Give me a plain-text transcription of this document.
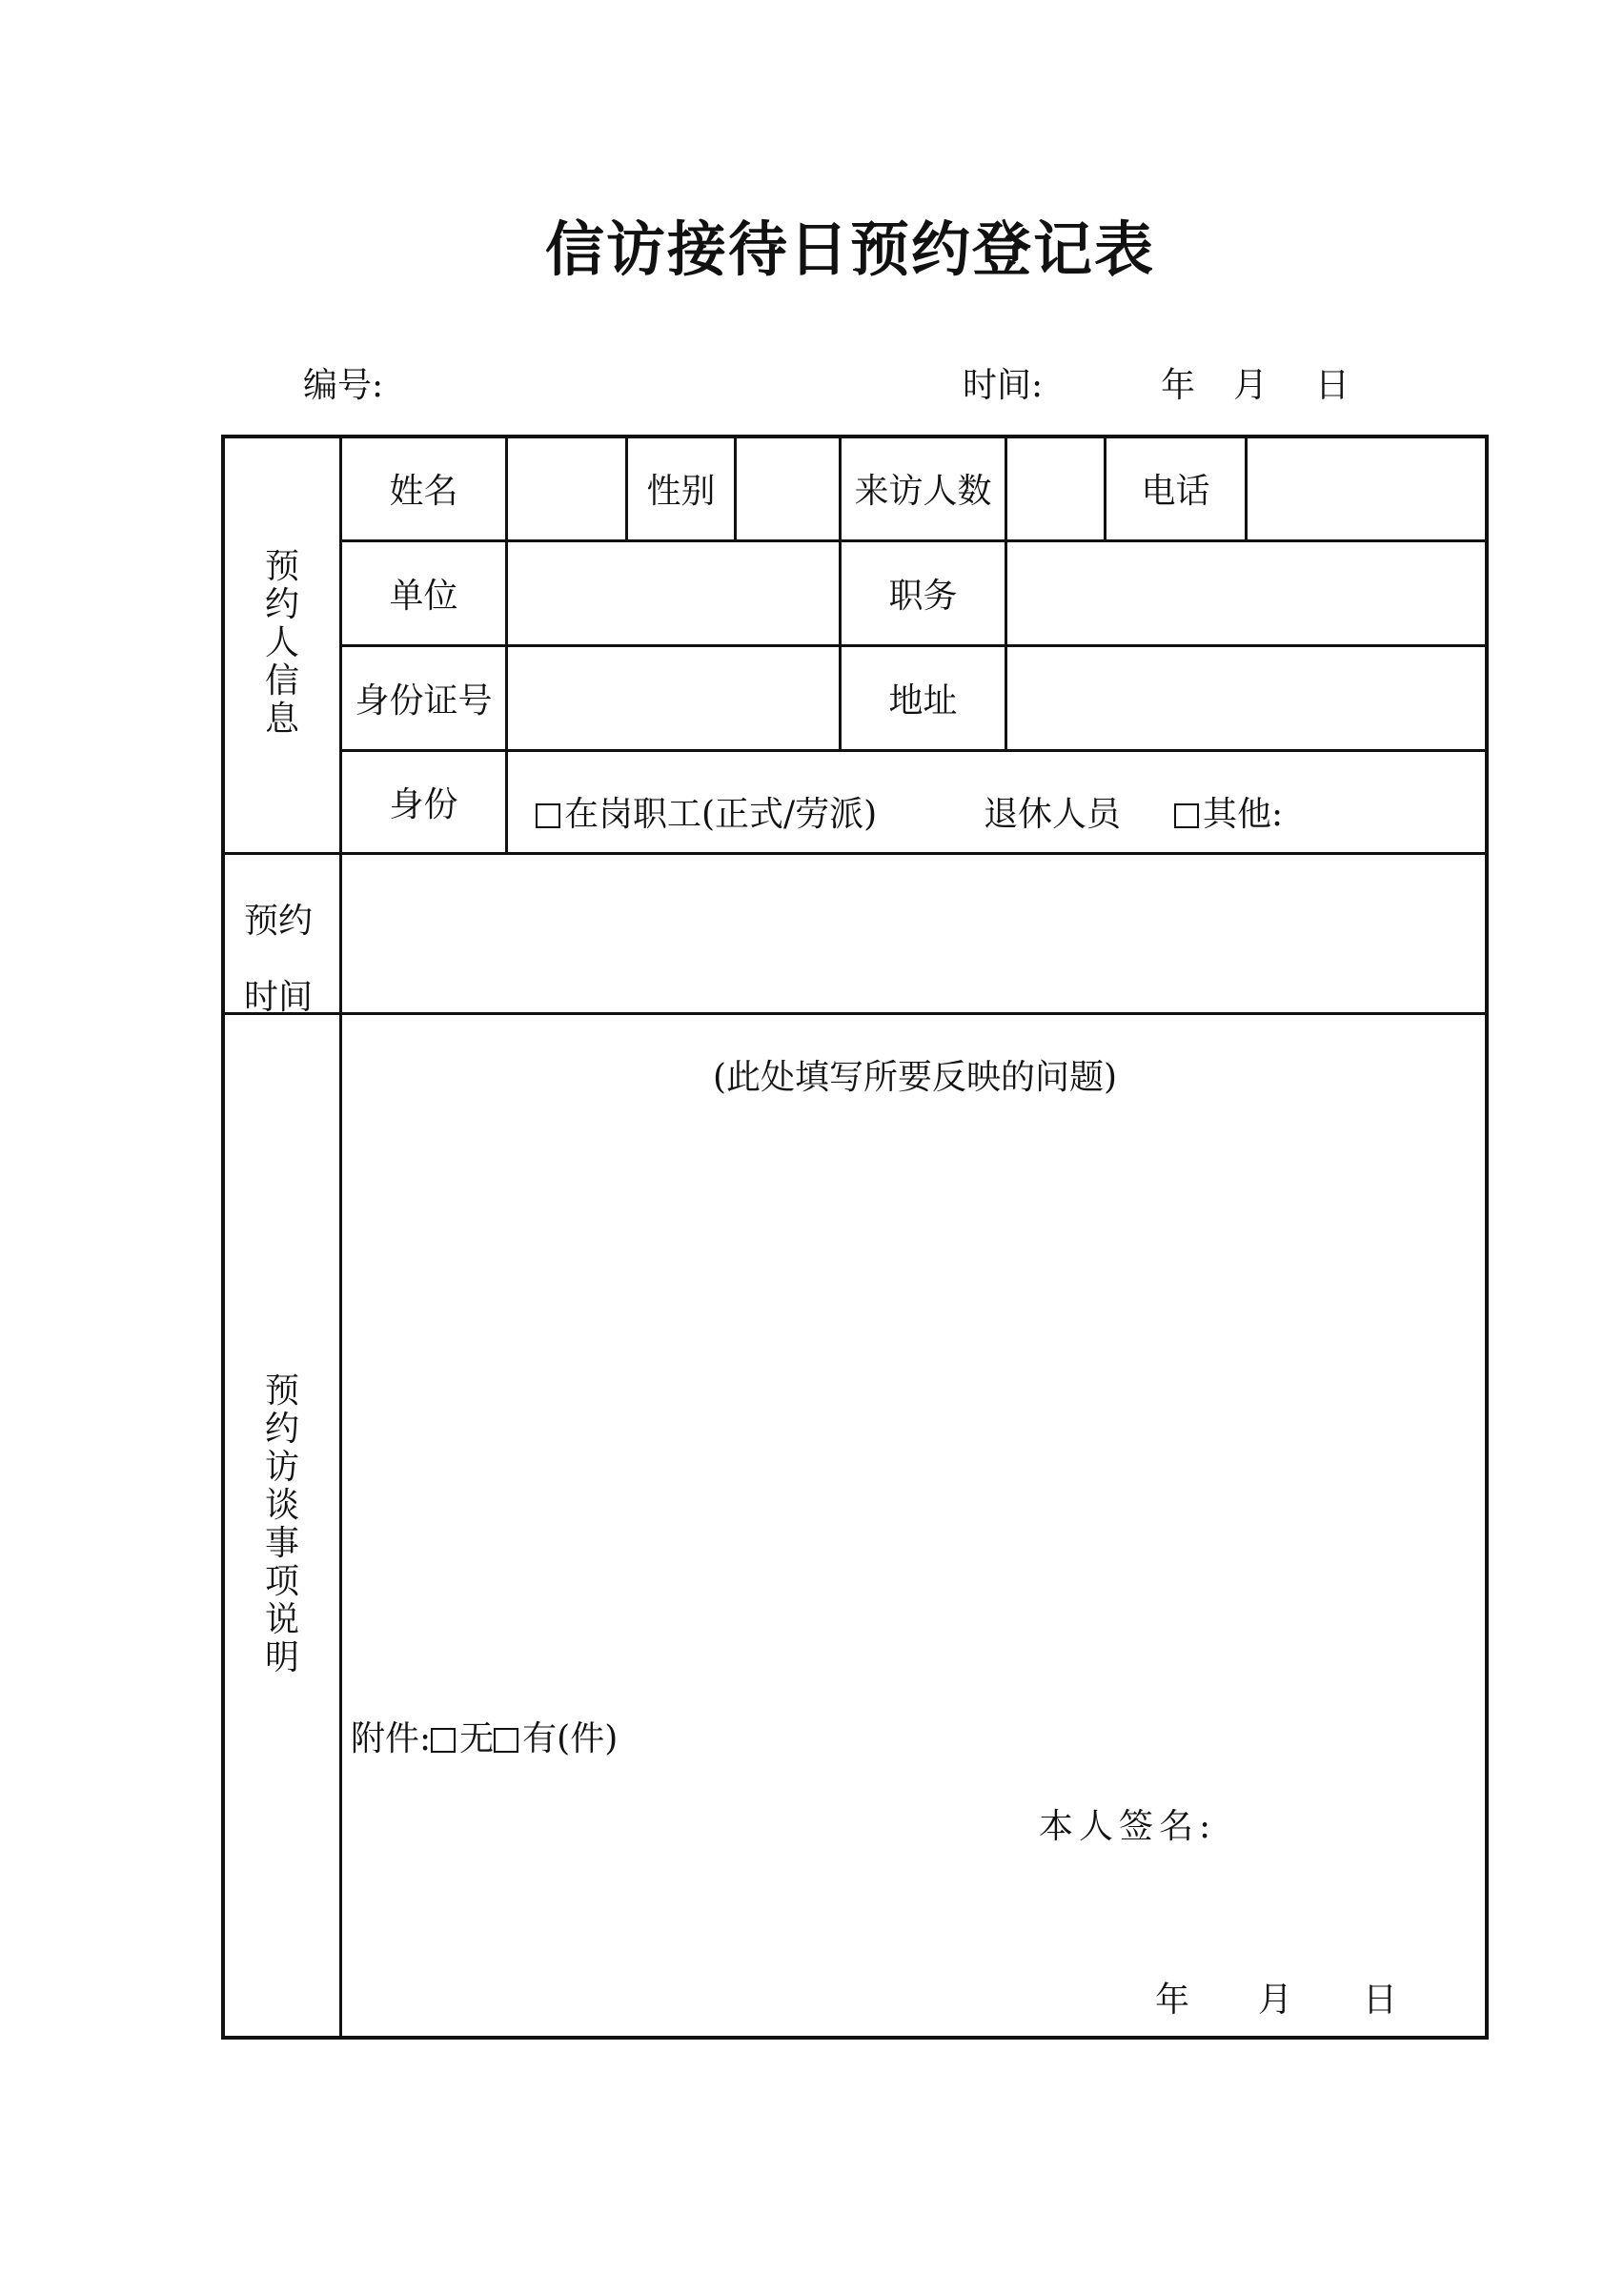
信访接待日预约登记表
编号:	时间:	年 月 日
预
约
人
信
息
姓名	性别	来访人数	电话
单位	职务
身份证号	地址
身份	在岗职工(正式/劳派)	退休人员	其他:
预约
时间
预
约
访
谈
事
项
说
明
(此处填写所要反映的问题)
附件: 无 有(件)
本人签名:
年 月 日
